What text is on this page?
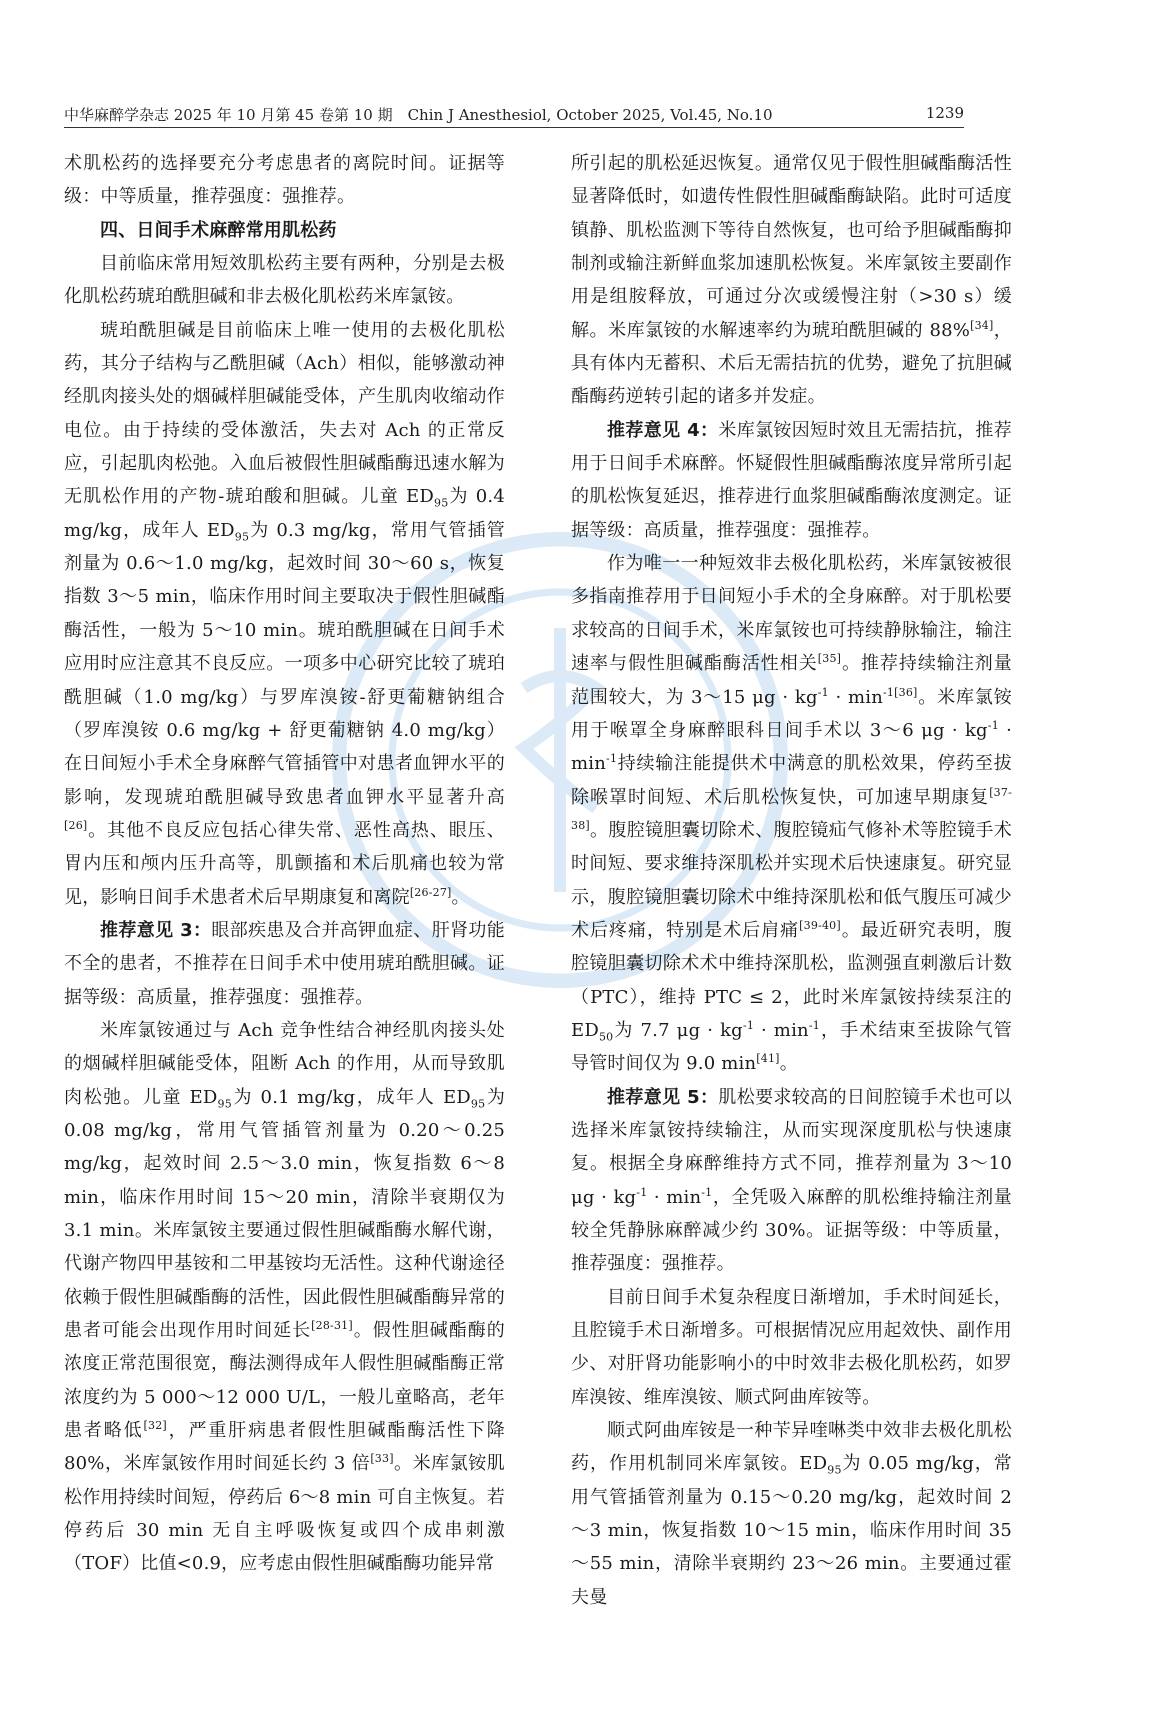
中华麻醉学杂志 2025 年 10 月第 45 卷第 10 期　Chin J Anesthesiol, October 2025, Vol.45, No.10	1239

术肌松药的选择要充分考虑患者的离院时间。证据等级：中等质量，推荐强度：强推荐。

四、日间手术麻醉常用肌松药

目前临床常用短效肌松药主要有两种，分别是去极化肌松药琥珀酰胆碱和非去极化肌松药米库氯铵。

琥珀酰胆碱是目前临床上唯一使用的去极化肌松药，其分子结构与乙酰胆碱（Ach）相似，能够激动神经肌肉接头处的烟碱样胆碱能受体，产生肌肉收缩动作电位。由于持续的受体激活，失去对 Ach 的正常反应，引起肌肉松弛。入血后被假性胆碱酯酶迅速水解为无肌松作用的产物-琥珀酸和胆碱。儿童 $ED_{95}$为 0.4 mg/kg，成年人 $ED_{95}$为 0.3 mg/kg，常用气管插管剂量为 0.6～1.0 mg/kg，起效时间 30～60 s，恢复指数 3～5 min，临床作用时间主要取决于假性胆碱酯酶活性，一般为 5～10 min。琥珀酰胆碱在日间手术应用时应注意其不良反应。一项多中心研究比较了琥珀酰胆碱（1.0 mg/kg）与罗库溴铵-舒更葡糖钠组合（罗库溴铵 0.6 mg/kg + 舒更葡糖钠 4.0 mg/kg）在日间短小手术全身麻醉气管插管中对患者血钾水平的影响，发现琥珀酰胆碱导致患者血钾水平显著升高[26]。其他不良反应包括心律失常、恶性高热、眼压、胃内压和颅内压升高等，肌颤搐和术后肌痛也较为常见，影响日间手术患者术后早期康复和离院[26-27]。

推荐意见 3：眼部疾患及合并高钾血症、肝肾功能不全的患者，不推荐在日间手术中使用琥珀酰胆碱。证据等级：高质量，推荐强度：强推荐。

米库氯铵通过与 Ach 竞争性结合神经肌肉接头处的烟碱样胆碱能受体，阻断 Ach 的作用，从而导致肌肉松弛。儿童 $ED_{95}$为 0.1 mg/kg，成年人 $ED_{95}$为 0.08 mg/kg，常用气管插管剂量为 0.20～0.25 mg/kg，起效时间 2.5～3.0 min，恢复指数 6～8 min，临床作用时间 15～20 min，清除半衰期仅为 3.1 min。米库氯铵主要通过假性胆碱酯酶水解代谢，代谢产物四甲基铵和二甲基铵均无活性。这种代谢途径依赖于假性胆碱酯酶的活性，因此假性胆碱酯酶异常的患者可能会出现作用时间延长[28-31]。假性胆碱酯酶的浓度正常范围很宽，酶法测得成年人假性胆碱酯酶正常浓度约为 5 000～12 000 U/L，一般儿童略高，老年患者略低[32]，严重肝病患者假性胆碱酯酶活性下降 80%，米库氯铵作用时间延长约 3 倍[33]。米库氯铵肌松作用持续时间短，停药后 6～8 min 可自主恢复。若停药后 30 min 无自主呼吸恢复或四个成串刺激（TOF）比值<0.9，应考虑由假性胆碱酯酶功能异常

所引起的肌松延迟恢复。通常仅见于假性胆碱酯酶活性显著降低时，如遗传性假性胆碱酯酶缺陷。此时可适度镇静、肌松监测下等待自然恢复，也可给予胆碱酯酶抑制剂或输注新鲜血浆加速肌松恢复。米库氯铵主要副作用是组胺释放，可通过分次或缓慢注射（>30 s）缓解。米库氯铵的水解速率约为琥珀酰胆碱的 88%[34]，具有体内无蓄积、术后无需拮抗的优势，避免了抗胆碱酯酶药逆转引起的诸多并发症。

推荐意见 4：米库氯铵因短时效且无需拮抗，推荐用于日间手术麻醉。怀疑假性胆碱酯酶浓度异常所引起的肌松恢复延迟，推荐进行血浆胆碱酯酶浓度测定。证据等级：高质量，推荐强度：强推荐。

作为唯一一种短效非去极化肌松药，米库氯铵被很多指南推荐用于日间短小手术的全身麻醉。对于肌松要求较高的日间手术，米库氯铵也可持续静脉输注，输注速率与假性胆碱酯酶活性相关[35]。推荐持续输注剂量范围较大，为 3～15 $\mu g \cdot kg^{-1} \cdot \min^{-1[36]}$。米库氯铵用于喉罩全身麻醉眼科日间手术以 3～6 $\mu g \cdot kg^{-1} \cdot \min^{-1}$持续输注能提供术中满意的肌松效果，停药至拔除喉罩时间短、术后肌松恢复快，可加速早期康复[37-38]。腹腔镜胆囊切除术、腹腔镜疝气修补术等腔镜手术时间短、要求维持深肌松并实现术后快速康复。研究显示，腹腔镜胆囊切除术中维持深肌松和低气腹压可减少术后疼痛，特别是术后肩痛[39-40]。最近研究表明，腹腔镜胆囊切除术术中维持深肌松，监测强直刺激后计数（PTC），维持 PTC ≤ 2，此时米库氯铵持续泵注的 $ED_{50}$为 7.7 $\mu g \cdot kg^{-1} \cdot \min^{-1}$，手术结束至拔除气管导管时间仅为 9.0 min[41]。

推荐意见 5：肌松要求较高的日间腔镜手术也可以选择米库氯铵持续输注，从而实现深度肌松与快速康复。根据全身麻醉维持方式不同，推荐剂量为 3～10 $\mu g \cdot kg^{-1} \cdot \min^{-1}$，全凭吸入麻醉的肌松维持输注剂量较全凭静脉麻醉减少约 30%。证据等级：中等质量，推荐强度：强推荐。

目前日间手术复杂程度日渐增加，手术时间延长，且腔镜手术日渐增多。可根据情况应用起效快、副作用少、对肝肾功能影响小的中时效非去极化肌松药，如罗库溴铵、维库溴铵、顺式阿曲库铵等。

顺式阿曲库铵是一种苄异喹啉类中效非去极化肌松药，作用机制同米库氯铵。$ED_{95}$为 0.05 mg/kg，常用气管插管剂量为 0.15～0.20 mg/kg，起效时间 2～3 min，恢复指数 10～15 min，临床作用时间 35～55 min，清除半衰期约 23～26 min。主要通过霍夫曼
